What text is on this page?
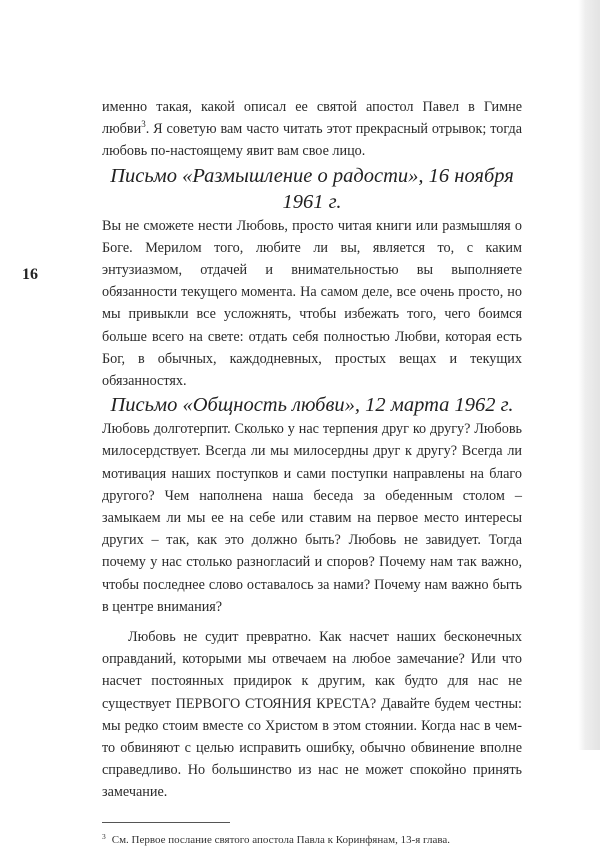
16

именно такая, какой описал ее святой апостол Павел в Гимне любви$^3$. Я советую вам часто читать этот прекрасный отрывок; тогда любовь по-настоящему явит вам свое лицо.

Письмо «Размышление о радости», 16 ноября 1961 г.

Вы не сможете нести Любовь, просто читая книги или размышляя о Боге. Мерилом того, любите ли вы, является то, с каким энтузиазмом, отдачей и внимательностью вы выполняете обязанности текущего момента. На самом деле, все очень просто, но мы привыкли все усложнять, чтобы избежать того, чего боимся больше всего на свете: отдать себя полностью Любви, которая есть Бог, в обычных, каждодневных, простых вещах и текущих обязанностях.

Письмо «Общность любви», 12 марта 1962 г.

Любовь долготерпит. Сколько у нас терпения друг ко другу? Любовь милосердствует. Всегда ли мы милосердны друг к другу? Всегда ли мотивация наших поступков и сами поступки направлены на благо другого? Чем наполнена наша беседа за обеденным столом – замыкаем ли мы ее на себе или ставим на первое место интересы других – так, как это должно быть? Любовь не завидует. Тогда почему у нас столько разногласий и споров? Почему нам так важно, чтобы последнее слово оставалось за нами? Почему нам важно быть в центре внимания?

Любовь не судит превратно. Как насчет наших бесконечных оправданий, которыми мы отвечаем на любое замечание? Или что насчет постоянных придирок к другим, как будто для нас не существует ПЕРВОГО СТОЯНИЯ КРЕСТА? Давайте будем честны: мы редко стоим вместе со Христом в этом стоянии. Когда нас в чем-то обвиняют с целью исправить ошибку, обычно обвинение вполне справедливо. Но большинство из нас не может спокойно принять замечание.

$^3$ См. Первое послание святого апостола Павла к Коринфянам, 13-я глава.
